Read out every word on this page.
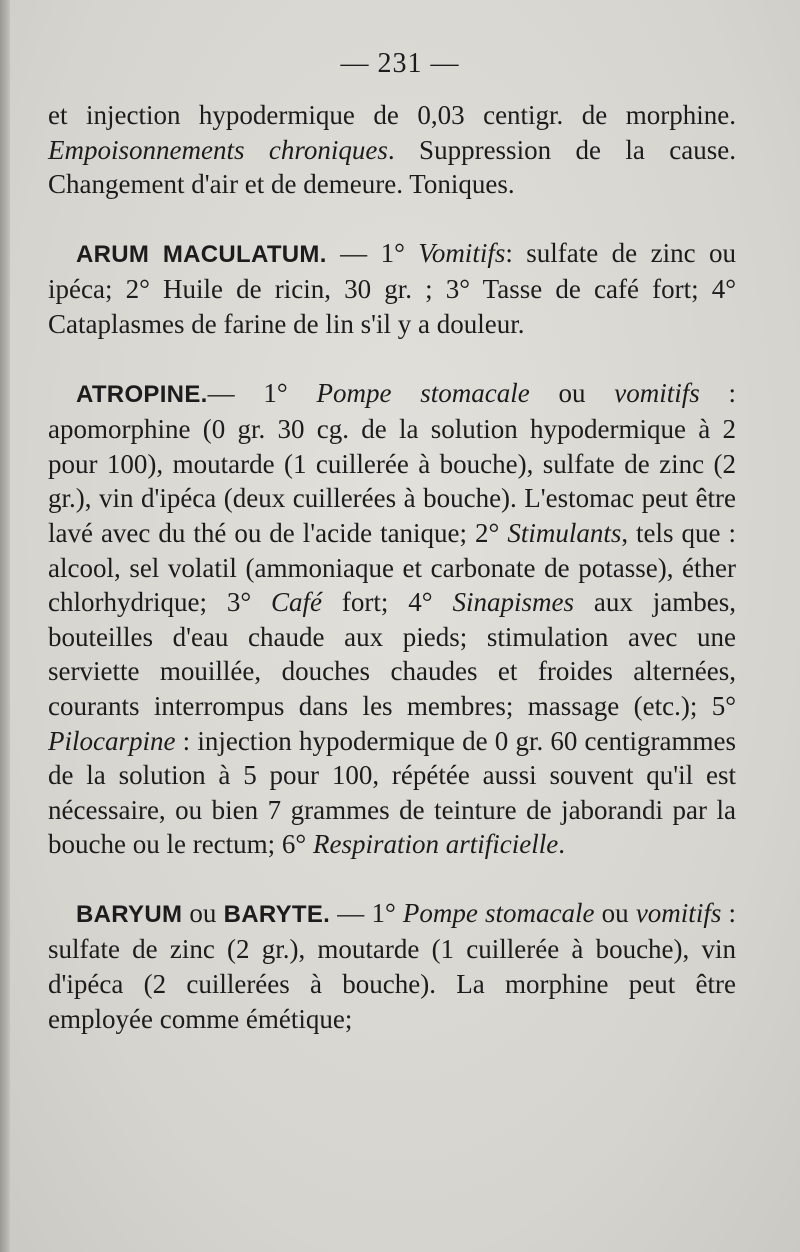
— 231 —

et injection hypodermique de 0,03 centigr. de morphine. Empoisonnements chroniques. Suppression de la cause. Changement d'air et de demeure. Toniques.

ARUM MACULATUM. — 1° Vomitifs: sulfate de zinc ou ipéca; 2° Huile de ricin, 30 gr. ; 3° Tasse de café fort; 4° Cataplasmes de farine de lin s'il y a douleur.

ATROPINE.— 1° Pompe stomacale ou vomitifs : apomorphine (0 gr. 30 cg. de la solution hypodermique à 2 pour 100), moutarde (1 cuillerée à bouche), sulfate de zinc (2 gr.), vin d'ipéca (deux cuillerées à bouche). L'estomac peut être lavé avec du thé ou de l'acide tanique; 2° Stimulants, tels que : alcool, sel volatil (ammoniaque et carbonate de potasse), éther chlorhydrique; 3° Café fort; 4° Sinapismes aux jambes, bouteilles d'eau chaude aux pieds; stimulation avec une serviette mouillée, douches chaudes et froides alternées, courants interrompus dans les membres; massage (etc.); 5° Pilocarpine : injection hypodermique de 0 gr. 60 centigrammes de la solution à 5 pour 100, répétée aussi souvent qu'il est nécessaire, ou bien 7 grammes de teinture de jaborandi par la bouche ou le rectum; 6° Respiration artificielle.

BARYUM ou BARYTE. — 1° Pompe stomacale ou vomitifs : sulfate de zinc (2 gr.), moutarde (1 cuillerée à bouche), vin d'ipéca (2 cuillerées à bouche). La morphine peut être employée comme émétique;
